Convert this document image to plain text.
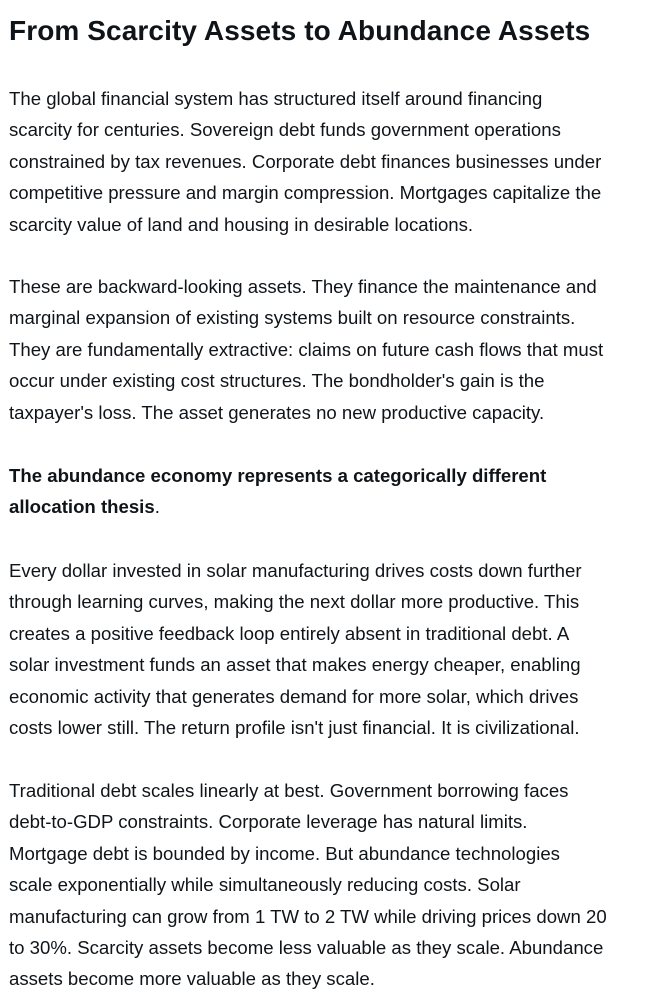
From Scarcity Assets to Abundance Assets
The global financial system has structured itself around financing
scarcity for centuries. Sovereign debt funds government operations
constrained by tax revenues. Corporate debt finances businesses under
competitive pressure and margin compression. Mortgages capitalize the
scarcity value of land and housing in desirable locations.
These are backward-looking assets. They finance the maintenance and
marginal expansion of existing systems built on resource constraints.
They are fundamentally extractive: claims on future cash flows that must
occur under existing cost structures. The bondholder's gain is the
taxpayer's loss. The asset generates no new productive capacity.
The abundance economy represents a categorically different
allocation thesis.
Every dollar invested in solar manufacturing drives costs down further
through learning curves, making the next dollar more productive. This
creates a positive feedback loop entirely absent in traditional debt. A
solar investment funds an asset that makes energy cheaper, enabling
economic activity that generates demand for more solar, which drives
costs lower still. The return profile isn't just financial. It is civilizational.
Traditional debt scales linearly at best. Government borrowing faces
debt-to-GDP constraints. Corporate leverage has natural limits.
Mortgage debt is bounded by income. But abundance technologies
scale exponentially while simultaneously reducing costs. Solar
manufacturing can grow from 1 TW to 2 TW while driving prices down 20
to 30%. Scarcity assets become less valuable as they scale. Abundance
assets become more valuable as they scale.
